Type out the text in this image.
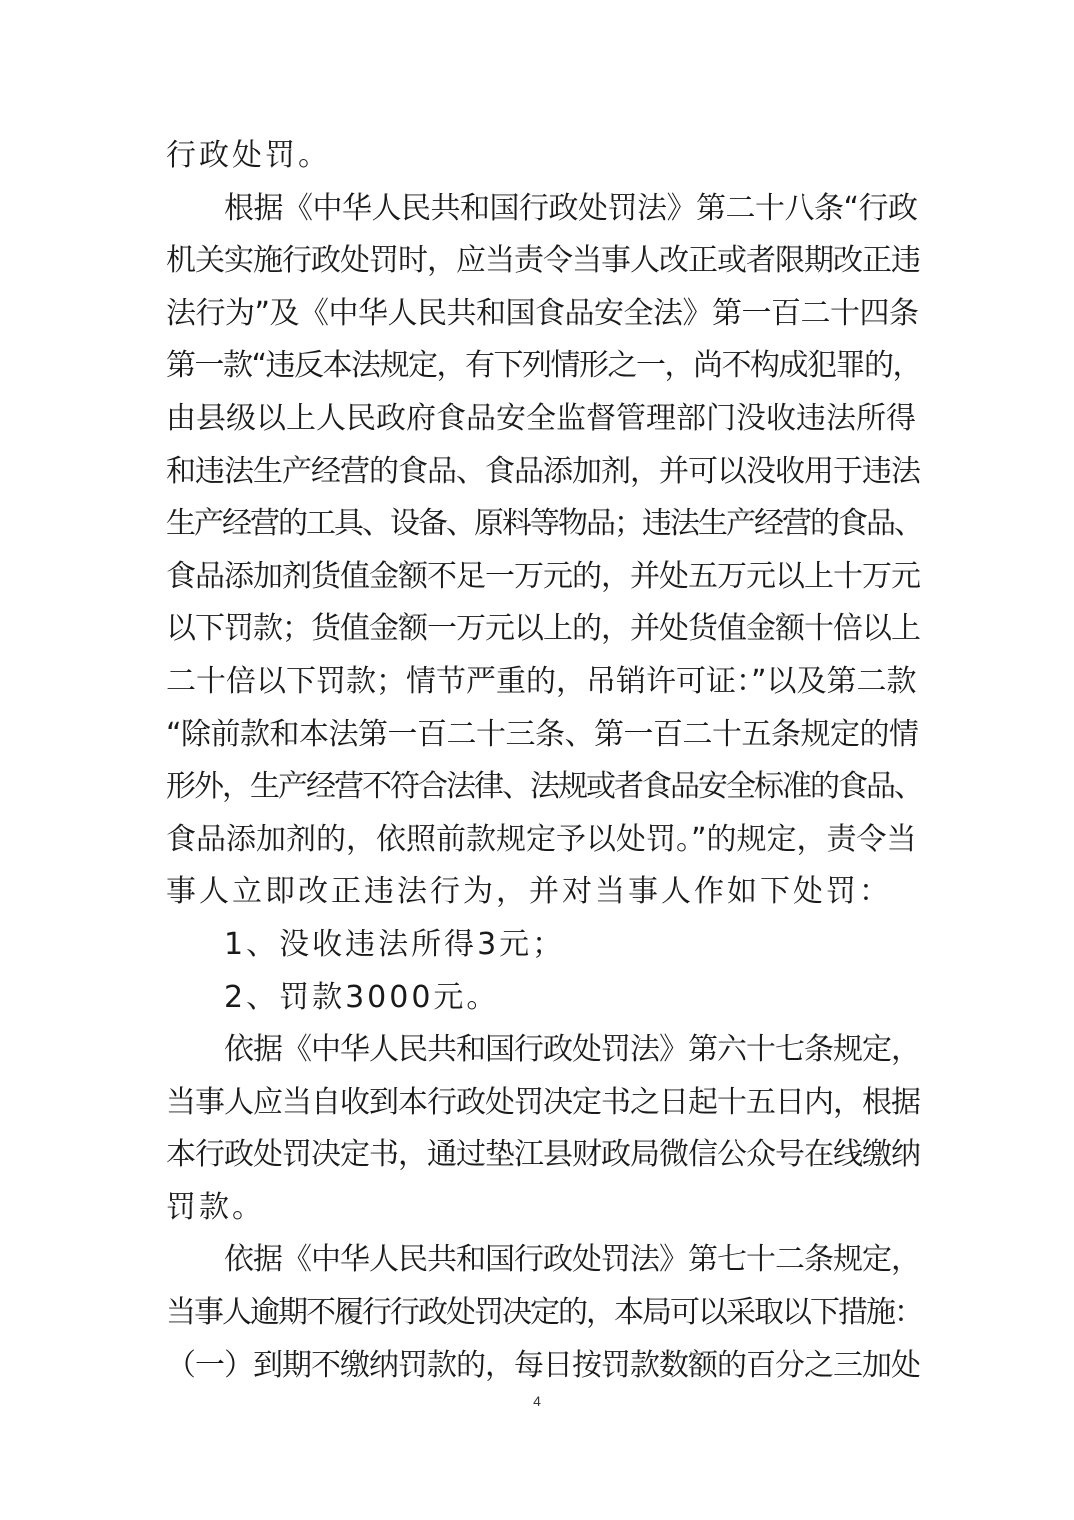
行政处罚。
根据《中华人民共和国行政处罚法》第二十八条“行政
机关实施行政处罚时，应当责令当事人改正或者限期改正违
法行为”及《中华人民共和国食品安全法》第一百二十四条
第一款“违反本法规定，有下列情形之一，尚不构成犯罪的，
由县级以上人民政府食品安全监督管理部门没收违法所得
和违法生产经营的食品、食品添加剂，并可以没收用于违法
生产经营的工具、设备、原料等物品；违法生产经营的食品、
食品添加剂货值金额不足一万元的，并处五万元以上十万元
以下罚款；货值金额一万元以上的，并处货值金额十倍以上
二十倍以下罚款；情节严重的，吊销许可证：”以及第二款
“除前款和本法第一百二十三条、第一百二十五条规定的情
形外，生产经营不符合法律、法规或者食品安全标准的食品、
食品添加剂的，依照前款规定予以处罚。”的规定，责令当
事人立即改正违法行为，并对当事人作如下处罚：
1、没收违法所得3元；
2、罚款3000元。
依据《中华人民共和国行政处罚法》第六十七条规定，
当事人应当自收到本行政处罚决定书之日起十五日内，根据
本行政处罚决定书，通过垫江县财政局微信公众号在线缴纳
罚款。
依据《中华人民共和国行政处罚法》第七十二条规定，
当事人逾期不履行行政处罚决定的，本局可以采取以下措施：
（一）到期不缴纳罚款的，每日按罚款数额的百分之三加处
4
